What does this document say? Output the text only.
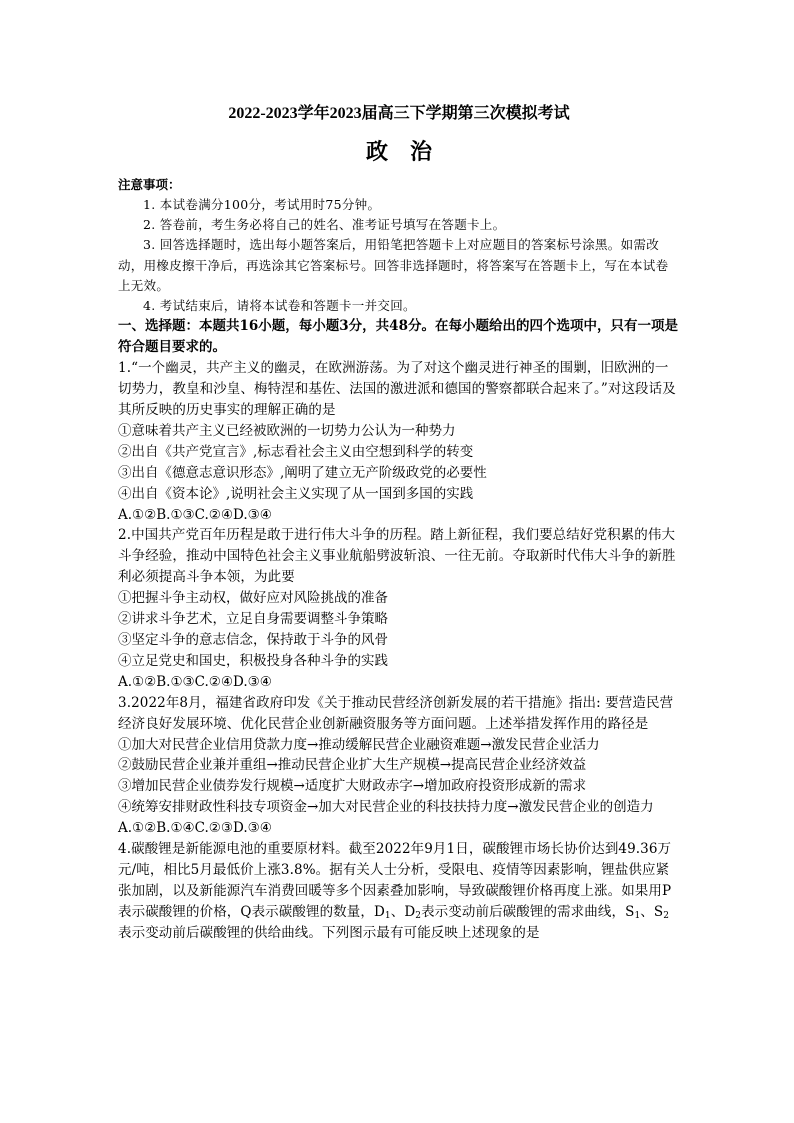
2022-2023学年2023届高三下学期第三次模拟考试
政 治

注意事项：

1. 本试卷满分100分，考试用时75分钟。

2. 答卷前，考生务必将自己的姓名、准考证号填写在答题卡上。

3. 回答选择题时，选出每小题答案后，用铅笔把答题卡上对应题目的答案标号涂黑。如需改动，用橡皮擦干净后，再选涂其它答案标号。回答非选择题时，将答案写在答题卡上，写在本试卷上无效。

4. 考试结束后，请将本试卷和答题卡一并交回。

一、选择题：本题共16小题，每小题3分，共48分。在每小题给出的四个选项中，只有一项是符合题目要求的。

1.“一个幽灵，共产主义的幽灵，在欧洲游荡。为了对这个幽灵进行神圣的围剿，旧欧洲的一切势力，教皇和沙皇、梅特涅和基佐、法国的激进派和德国的警察都联合起来了。”对这段话及其所反映的历史事实的理解正确的是

①意味着共产主义已经被欧洲的一切势力公认为一种势力

②出自《共产党宣言》,标志看社会主义由空想到科学的转变

③出自《德意志意识形态》,阐明了建立无产阶级政党的必要性

④出自《资本论》,说明社会主义实现了从一国到多国的实践

A.①②B.①③C.②④D.③④

2.中国共产党百年历程是敢于进行伟大斗争的历程。踏上新征程，我们要总结好党积累的伟大斗争经验，推动中国特色社会主义事业航船劈波斩浪、一往无前。夺取新时代伟大斗争的新胜利必须提高斗争本领，为此要

①把握斗争主动权，做好应对风险挑战的准备

②讲求斗争艺术，立足自身需要调整斗争策略

③坚定斗争的意志信念，保持敢于斗争的风骨

④立足党史和国史，积极投身各种斗争的实践

A.①②B.①③C.②④D.③④

3.2022年8月，福建省政府印发《关于推动民营经济创新发展的若干措施》指出: 要营造民营经济良好发展环境、优化民营企业创新融资服务等方面问题。上述举措发挥作用的路径是

①加大对民营企业信用贷款力度→推动缓解民营企业融资难题→激发民营企业活力

②鼓励民营企业兼并重组→推动民营企业扩大生产规模→提高民营企业经济效益

③增加民营企业债券发行规模→适度扩大财政赤字→增加政府投资形成新的需求

④统筹安排财政性科技专项资金→加大对民营企业的科技扶持力度→激发民营企业的创造力

A.①②B.①④C.②③D.③④

4.碳酸锂是新能源电池的重要原材料。截至2022年9月1日，碳酸锂市场长协价达到49.36万元/吨，相比5月最低价上涨3.8%。据有关人士分析，受限电、疫情等因素影响，锂盐供应紧张加剧，以及新能源汽车消费回暖等多个因素叠加影响，导致碳酸锂价格再度上涨。如果用P表示碳酸锂的价格，Q表示碳酸锂的数量，$D_1$、$D_2$表示变动前后碳酸锂的需求曲线，$S_1$、$S_2$表示变动前后碳酸锂的供给曲线。下列图示最有可能反映上述现象的是
